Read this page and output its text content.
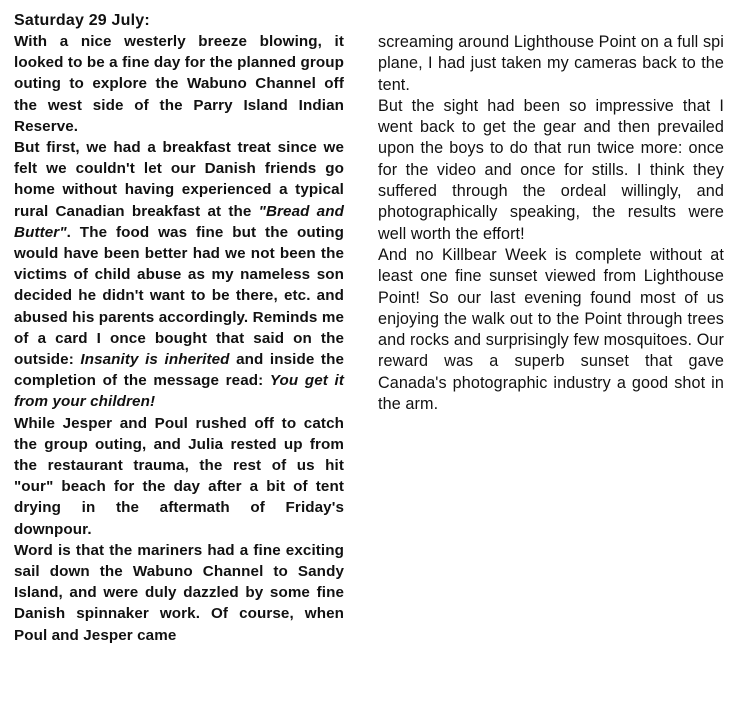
Saturday 29 July:

With a nice westerly breeze blowing, it looked to be a fine day for the planned group outing to explore the Wabuno Channel off the west side of the Parry Island Indian Reserve.

But first, we had a breakfast treat since we felt we couldn't let our Danish friends go home without having experienced a typical rural Canadian breakfast at the "Bread and Butter". The food was fine but the outing would have been better had we not been the victims of child abuse as my nameless son decided he didn't want to be there, etc. and abused his parents accordingly. Reminds me of a card I once bought that said on the outside: Insanity is inherited and inside the completion of the message read: You get it from your children!

While Jesper and Poul rushed off to catch the group outing, and Julia rested up from the restaurant trauma, the rest of us hit "our" beach for the day after a bit of tent drying in the aftermath of Friday's downpour.

Word is that the mariners had a fine exciting sail down the Wabuno Channel to Sandy Island, and were duly dazzled by some fine Danish spinnaker work. Of course, when Poul and Jesper came

screaming around Lighthouse Point on a full spi plane, I had just taken my cameras back to the tent.

But the sight had been so impressive that I went back to get the gear and then prevailed upon the boys to do that run twice more: once for the video and once for stills. I think they suffered through the ordeal willingly, and photographically speaking, the results were well worth the effort!

And no Killbear Week is complete without at least one fine sunset viewed from Lighthouse Point! So our last evening found most of us enjoying the walk out to the Point through trees and rocks and surprisingly few mosquitoes. Our reward was a superb sunset that gave Canada's photographic industry a good shot in the arm.
